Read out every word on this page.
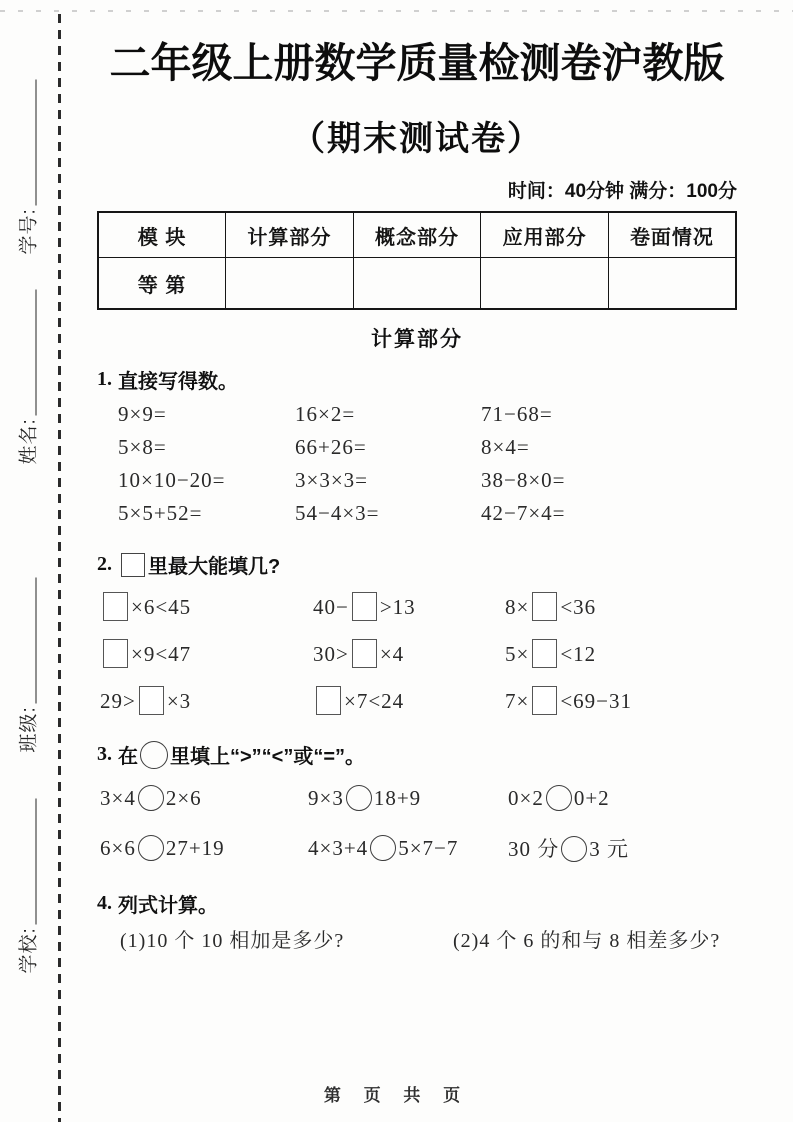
学号:
姓名:
班级:
学校:
二年级上册数学质量检测卷沪教版
（期末测试卷）
时间：40分钟 满分：100分
模 块	计算部分	概念部分	应用部分	卷面情况
等 第				
计算部分
1. 直接写得数。
9×9=	16×2=	71−68=
5×8=	66+26=	8×4=
10×10−20=	3×3×3=	38−8×0=
5×5+52=	54−4×3=	42−7×4=
2.	里最大能填几?
×6<45	40− >13	8× <36
×9<47	30> ×4	5× <12
29> ×3	×7<24	7× <69−31
3. 在 里填上“>”“<”或“=”。
3×4 2×6	9×3 18+9	0×2 0+2
6×6 27+19	4×3+4 5×7−7	30 分 3 元
4. 列式计算。
(1)10 个 10 相加是多少?	(2)4 个 6 的和与 8 相差多少?
第 页 共 页
